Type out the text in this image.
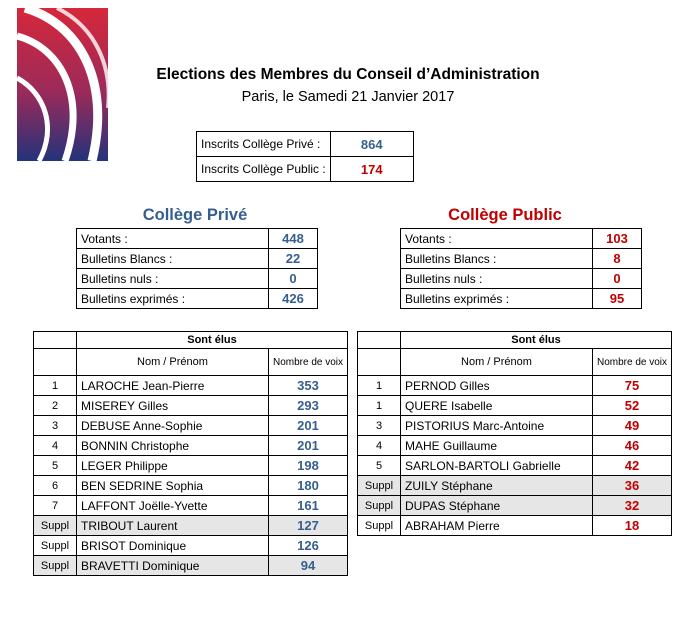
Elections des Membres du Conseil d’Administration
Paris, le Samedi 21 Janvier 2017
Inscrits Collège Privé :	864
Inscrits Collège Public :	174
Collège Privé	Collège Public
Votants :	448
Bulletins Blancs :	22
Bulletins nuls :	0
Bulletins exprimés :	426
Votants :	103
Bulletins Blancs :	8
Bulletins nuls :	0
Bulletins exprimés :	95
	Sont élus	
	Nom / Prénom	Nombre de voix
1	LAROCHE Jean-Pierre	353
2	MISEREY Gilles	293
3	DEBUSE Anne-Sophie	201
4	BONNIN Christophe	201
5	LEGER Philippe	198
6	BEN SEDRINE Sophia	180
7	LAFFONT Joëlle-Yvette	161
Suppl	TRIBOUT Laurent	127
Suppl	BRISOT Dominique	126
Suppl	BRAVETTI Dominique	94
	Sont élus	
	Nom / Prénom	Nombre de voix
1	PERNOD Gilles	75
1	QUERE Isabelle	52
3	PISTORIUS Marc-Antoine	49
4	MAHE Guillaume	46
5	SARLON-BARTOLI Gabrielle	42
Suppl	ZUILY Stéphane	36
Suppl	DUPAS Stéphane	32
Suppl	ABRAHAM Pierre	18
